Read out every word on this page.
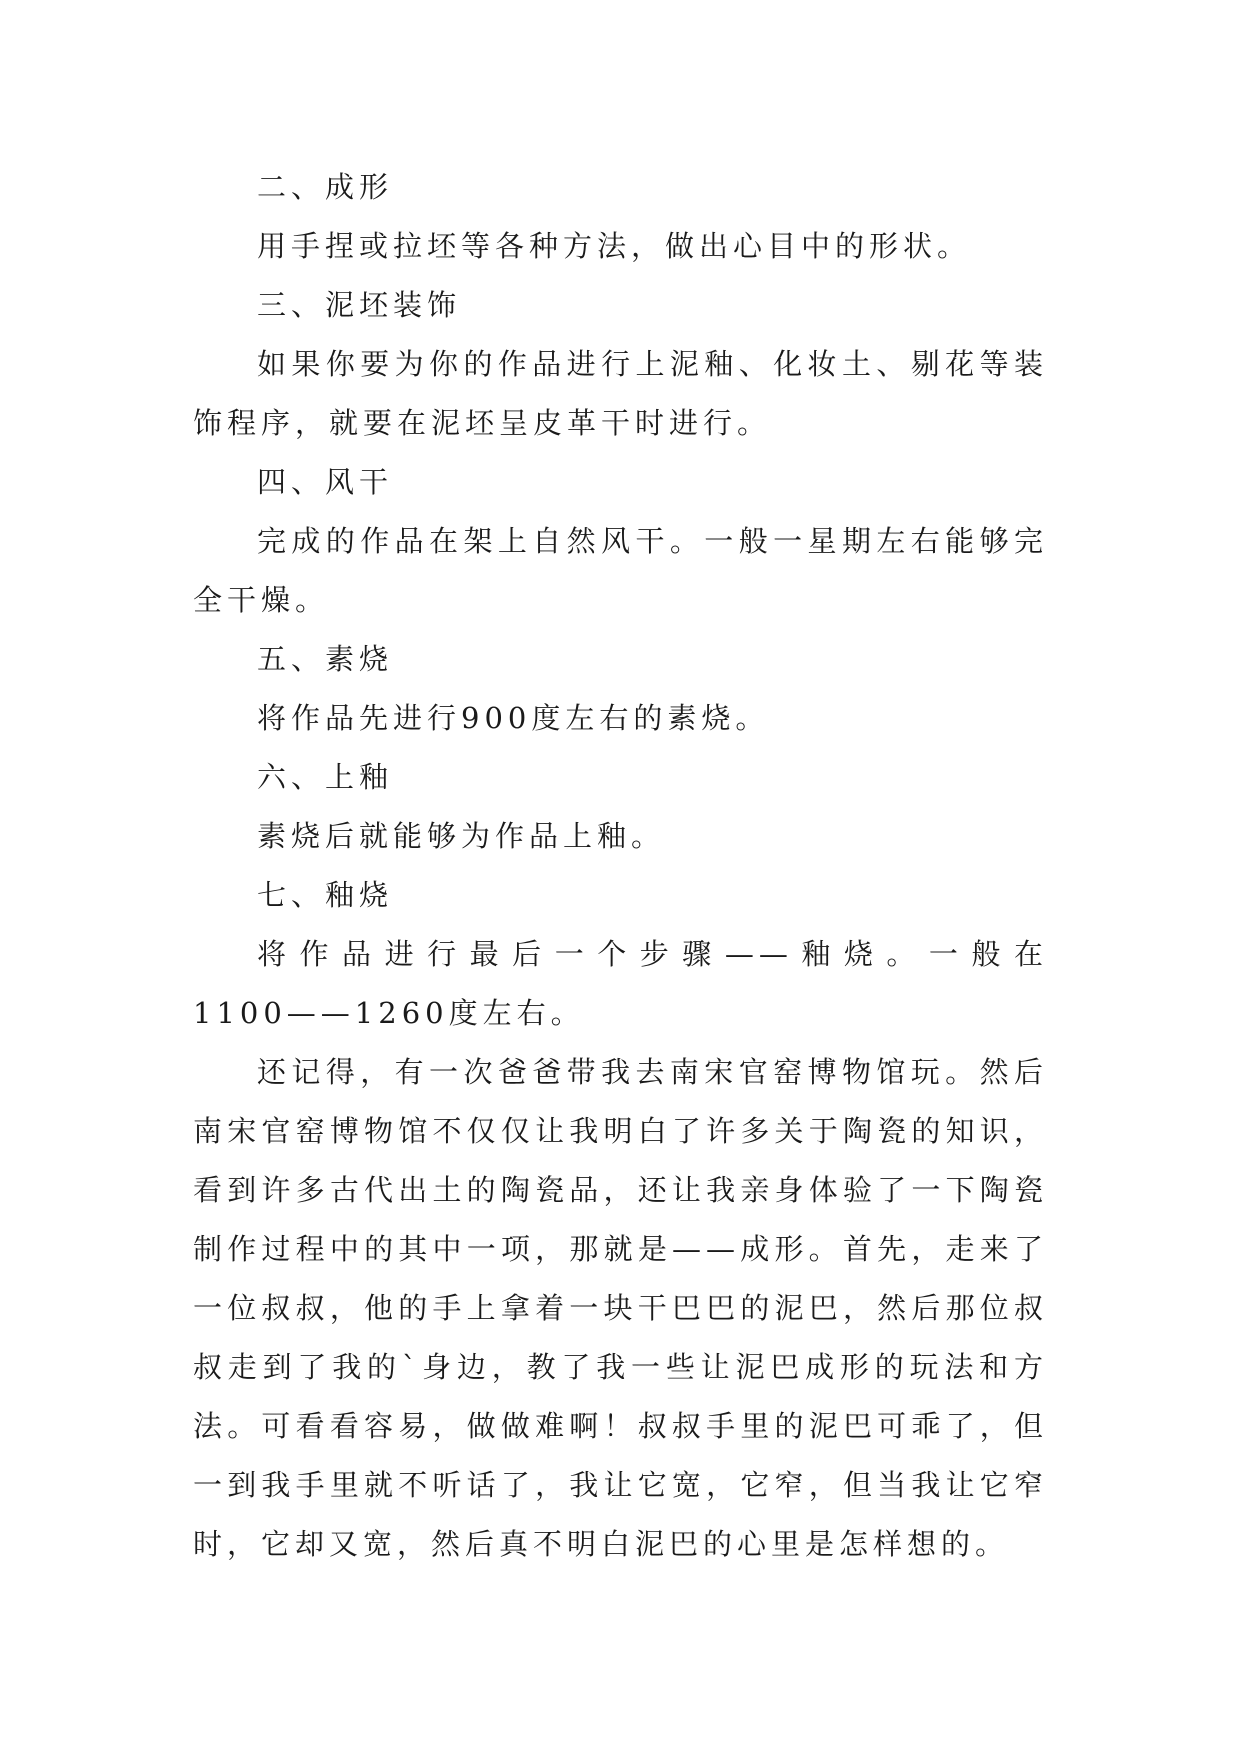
二、成形

用手捏或拉坯等各种方法，做出心目中的形状。

三、泥坯装饰

如果你要为你的作品进行上泥釉、化妆土、剔花等装饰程序，就要在泥坯呈皮革干时进行。

四、风干

完成的作品在架上自然风干。一般一星期左右能够完全干燥。

五、素烧

将作品先进行900度左右的素烧。

六、上釉

素烧后就能够为作品上釉。

七、釉烧

将作品进行最后一个步骤——釉烧。一般在
1100——1260度左右。

还记得，有一次爸爸带我去南宋官窑博物馆玩。然后南宋官窑博物馆不仅仅让我明白了许多关于陶瓷的知识，看到许多古代出土的陶瓷品，还让我亲身体验了一下陶瓷制作过程中的其中一项，那就是——成形。首先，走来了一位叔叔，他的手上拿着一块干巴巴的泥巴，然后那位叔叔走到了我的`身边，教了我一些让泥巴成形的玩法和方法。可看看容易，做做难啊！叔叔手里的泥巴可乖了，但一到我手里就不听话了，我让它宽，它窄，但当我让它窄时，它却又宽，然后真不明白泥巴的心里是怎样想的。
